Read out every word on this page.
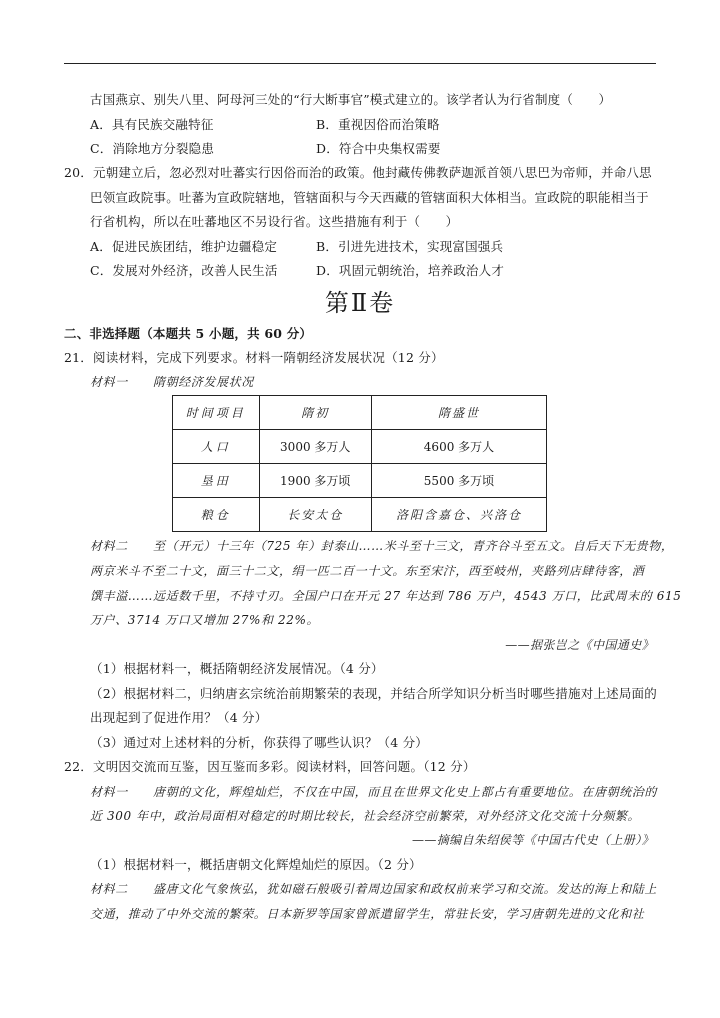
古国燕京、别失八里、阿母河三处的“行大断事官”模式建立的。该学者认为行省制度（　　）
A．具有民族交融特征	B．重视因俗而治策略
C．消除地方分裂隐患	D．符合中央集权需要
20．元朝建立后，忽必烈对吐蕃实行因俗而治的政策。他封藏传佛教萨迦派首领八思巴为帝师，并命八思
巴领宣政院事。吐蕃为宣政院辖地，管辖面积与今天西藏的管辖面积大体相当。宣政院的职能相当于
行省机构，所以在吐蕃地区不另设行省。这些措施有利于（　　）
A．促进民族团结，维护边疆稳定	B．引进先进技术，实现富国强兵
C．发展对外经济，改善人民生活	D．巩固元朝统治，培养政治人才
第Ⅱ卷
二、非选择题（本题共 5 小题，共 60 分）
21．阅读材料，完成下列要求。材料一隋朝经济发展状况（12 分）
材料一　　隋朝经济发展状况
时间项目	隋初	隋盛世
人口	3000 多万人	4600 多万人
垦田	1900 多万顷	5500 多万顷
粮仓	长安太仓	洛阳含嘉仓、兴洛仓
材料二　　至（开元）十三年（725 年）封泰山……米斗至十三文，青齐谷斗至五文。自后天下无贵物，
两京米斗不至二十文，面三十二文，绢一匹二百一十文。东至宋汴，西至岐州，夹路列店肆待客，酒
馔丰溢……远适数千里，不持寸刃。全国户口在开元 27 年达到 786 万户，4543 万口，比武周末的 615
万户、3714 万口又增加 27%和 22%。
——据张岂之《中国通史》
（1）根据材料一，概括隋朝经济发展情况。（4 分）
（2）根据材料二，归纳唐玄宗统治前期繁荣的表现，并结合所学知识分析当时哪些措施对上述局面的
出现起到了促进作用？（4 分）
（3）通过对上述材料的分析，你获得了哪些认识？（4 分）
22．文明因交流而互鉴，因互鉴而多彩。阅读材料，回答问题。（12 分）
材料一　　唐朝的文化，辉煌灿烂，不仅在中国，而且在世界文化史上都占有重要地位。在唐朝统治的
近 300 年中，政治局面相对稳定的时期比较长，社会经济空前繁荣，对外经济文化交流十分频繁。
——摘编自朱绍侯等《中国古代史（上册）》
（1）根据材料一，概括唐朝文化辉煌灿烂的原因。（2 分）
材料二　　盛唐文化气象恢弘，犹如磁石般吸引着周边国家和政权前来学习和交流。发达的海上和陆上
交通，推动了中外交流的繁荣。日本新罗等国家曾派遣留学生，常驻长安，学习唐朝先进的文化和社
